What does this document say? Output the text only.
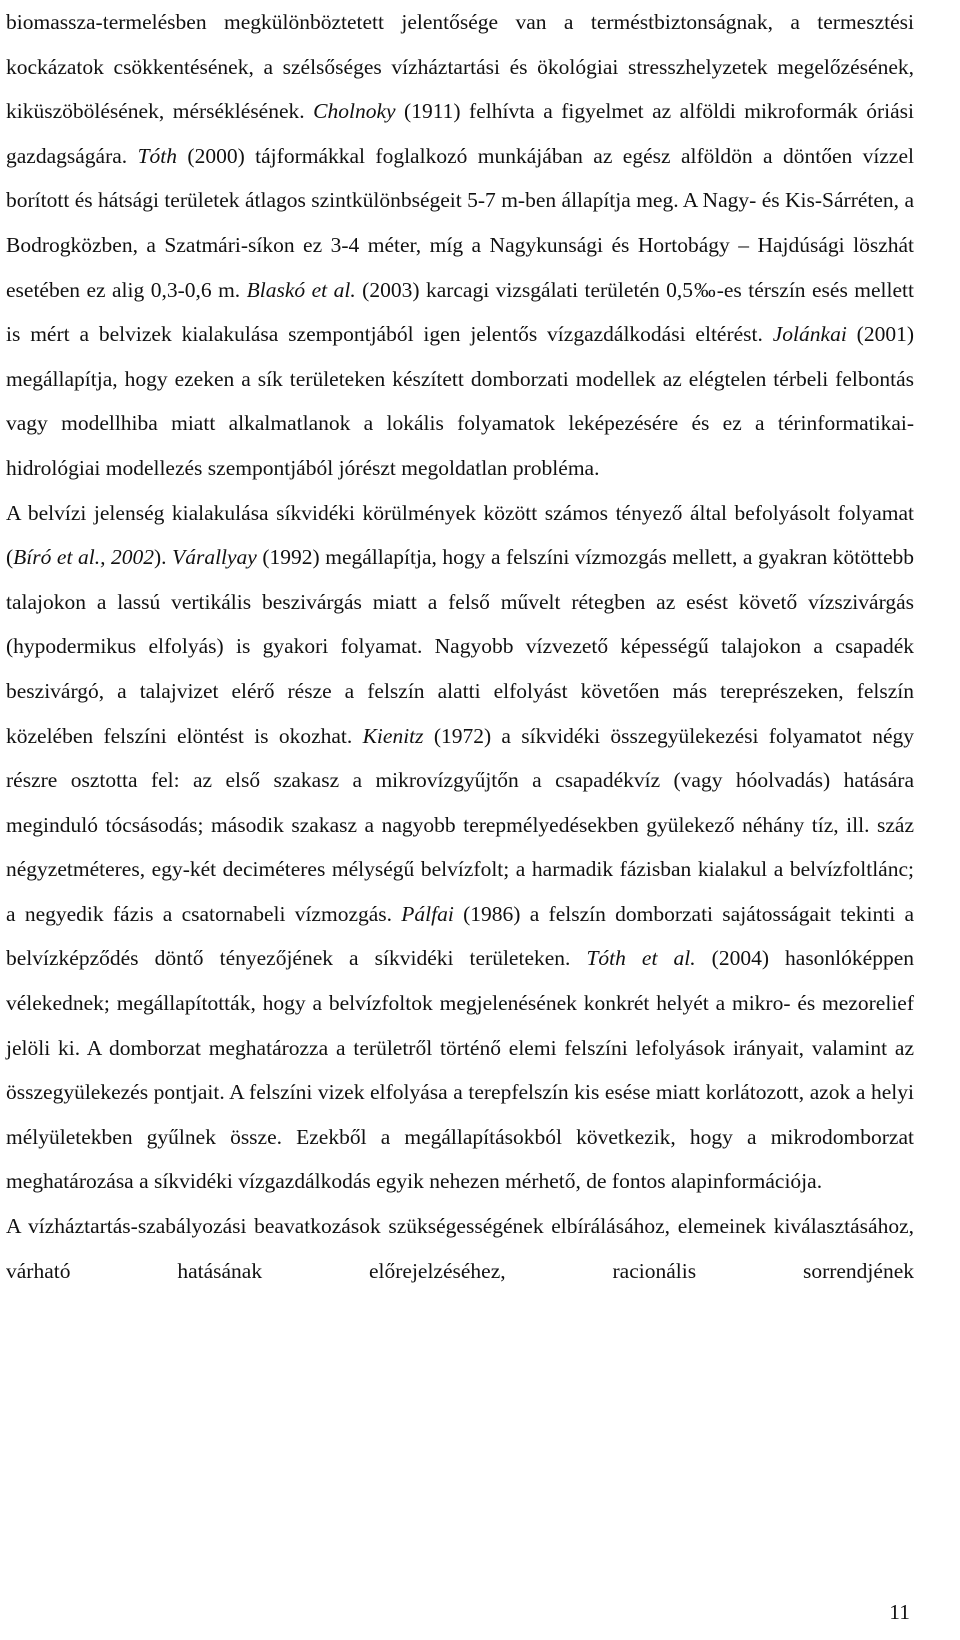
biomassza-termelésben megkülönböztetett jelentősége van a terméstbiztonságnak, a termesztési kockázatok csökkentésének, a szélsőséges vízháztartási és ökológiai stresszhelyzetek megelőzésének, kiküszöbölésének, mérséklésének. Cholnoky (1911) felhívta a figyelmet az alföldi mikroformák óriási gazdagságára. Tóth (2000) tájformákkal foglalkozó munkájában az egész alföldön a döntően vízzel borított és hátsági területek átlagos szintkülönbségeit 5-7 m-ben állapítja meg. A Nagy- és Kis-Sárréten, a Bodrogközben, a Szatmári-síkon ez 3-4 méter, míg a Nagykunsági és Hortobágy – Hajdúsági löszhát esetében ez alig 0,3-0,6 m. Blaskó et al. (2003) karcagi vizsgálati területén 0,5‰-es térszín esés mellett is mért a belvizek kialakulása szempontjából igen jelentős vízgazdálkodási eltérést. Jolánkai (2001) megállapítja, hogy ezeken a sík területeken készített domborzati modellek az elégtelen térbeli felbontás vagy modellhiba miatt alkalmatlanok a lokális folyamatok leképezésére és ez a térinformatikai-hidrológiai modellezés szempontjából jórészt megoldatlan probléma.

A belvízi jelenség kialakulása síkvidéki körülmények között számos tényező által befolyásolt folyamat (Bíró et al., 2002). Várallyay (1992) megállapítja, hogy a felszíni vízmozgás mellett, a gyakran kötöttebb talajokon a lassú vertikális beszivárgás miatt a felső művelt rétegben az esést követő vízszivárgás (hypodermikus elfolyás) is gyakori folyamat. Nagyobb vízvezető képességű talajokon a csapadék beszivárgó, a talajvizet elérő része a felszín alatti elfolyást követően más tereprészeken, felszín közelében felszíni elöntést is okozhat. Kienitz (1972) a síkvidéki összegyülekezési folyamatot négy részre osztotta fel: az első szakasz a mikrovízgyűjtőn a csapadékvíz (vagy hóolvadás) hatására meginduló tócsásodás; második szakasz a nagyobb terepmélyedésekben gyülekező néhány tíz, ill. száz négyzetméteres, egy-két deciméteres mélységű belvízfolt; a harmadik fázisban kialakul a belvízfoltlánc; a negyedik fázis a csatornabeli vízmozgás. Pálfai (1986) a felszín domborzati sajátosságait tekinti a belvízképződés döntő tényezőjének a síkvidéki területeken. Tóth et al. (2004) hasonlóképpen vélekednek; megállapították, hogy a belvízfoltok megjelenésének konkrét helyét a mikro- és mezorelief jelöli ki. A domborzat meghatározza a területről történő elemi felszíni lefolyások irányait, valamint az összegyülekezés pontjait. A felszíni vizek elfolyása a terepfelszín kis esése miatt korlátozott, azok a helyi mélyületekben gyűlnek össze. Ezekből a megállapításokból következik, hogy a mikrodomborzat meghatározása a síkvidéki vízgazdálkodás egyik nehezen mérhető, de fontos alapinformációja.

A vízháztartás-szabályozási beavatkozások szükségességének elbírálásához, elemeinek kiválasztásához, várható hatásának előrejelzéséhez, racionális sorrendjének

11
